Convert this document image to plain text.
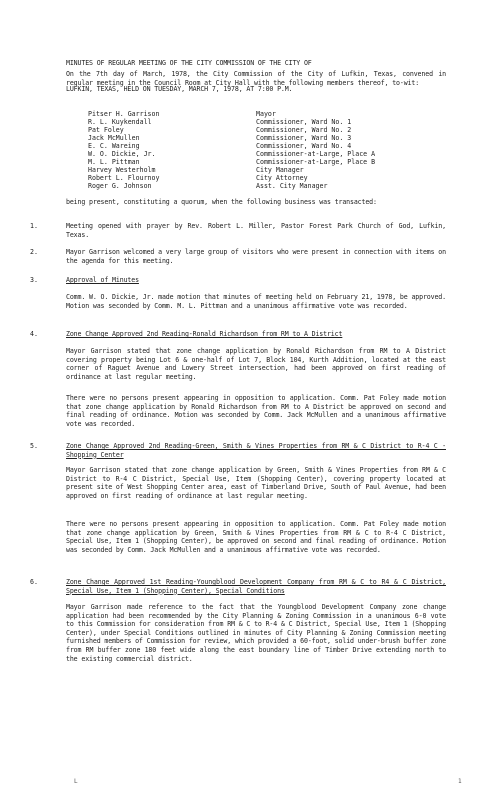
MINUTES OF REGULAR MEETING OF THE CITY COMMISSION OF THE CITY OF

LUFKIN, TEXAS, HELD ON TUESDAY, MARCH 7, 1978, AT 7:00 P.M.

On the 7th day of March, 1978, the City Commission of the City of Lufkin, Texas, convened in regular meeting in the Council Room at City Hall with the following members thereof, to-wit:
Pitser H. Garrison	Mayor
R. L. Kuykendall	Commissioner, Ward No. 1
Pat Foley	Commissioner, Ward No. 2
Jack McMullen	Commissioner, Ward No. 3
E. C. Wareing	Commissioner, Ward No. 4
W. O. Dickie, Jr.	Commissioner-at-Large, Place A
M. L. Pittman	Commissioner-at-Large, Place B
Harvey Westerholm	City Manager
Robert L. Flournoy	City Attorney
Roger G. Johnson	Asst. City Manager
being present, constituting a quorum, when the following business was transacted:
1.	Meeting opened with prayer by Rev. Robert L. Miller, Pastor Forest Park Church of God, Lufkin, Texas.
2.	Mayor Garrison welcomed a very large group of visitors who were present in connection with items on the agenda for this meeting.
3.	Approval of Minutes
Comm. W. O. Dickie, Jr. made motion that minutes of meeting held on February 21, 1978, be approved. Motion was seconded by Comm. M. L. Pittman and a unanimous affirmative vote was recorded.
4.	Zone Change Approved 2nd Reading-Ronald Richardson from RM to A District
Mayor Garrison stated that zone change application by Ronald Richardson from RM to A District covering property being Lot 6 & one-half of Lot 7, Block 104, Kurth Addition, located at the east corner of Raguet Avenue and Lowery Street intersection, had been approved on first reading of ordinance at last regular meeting.
There were no persons present appearing in opposition to application. Comm. Pat Foley made motion that zone change application by Ronald Richardson from RM to A District be approved on second and final reading of ordinance. Motion was seconded by Comm. Jack McMullen and a unanimous affirmative vote was recorded.
5.	Zone Change Approved 2nd Reading-Green, Smith & Vines Properties from RM & C District to R-4 C - Shopping Center
Mayor Garrison stated that zone change application by Green, Smith & Vines Properties from RM & C District to R-4 C District, Special Use, Item (Shopping Center), covering property located at present site of West Shopping Center area, east of Timberland Drive, South of Paul Avenue, had been approved on first reading of ordinance at last regular meeting.
There were no persons present appearing in opposition to application. Comm. Pat Foley made motion that zone change application by Green, Smith & Vines Properties from RM & C to R-4 C District, Special Use, Item 1 (Shopping Center), be approved on second and final reading of ordinance. Motion was seconded by Comm. Jack McMullen and a unanimous affirmative vote was recorded.
6.	Zone Change Approved 1st Reading-Youngblood Development Company from RM & C to R4 & C District, Special Use, Item 1 (Shopping Center), Special Conditions
Mayor Garrison made reference to the fact that the Youngblood Development Company zone change application had been recommended by the City Planning & Zoning Commission in a unanimous 6-0 vote to this Commission for consideration from RM & C to R-4 & C District, Special Use, Item 1 (Shopping Center), under Special Conditions outlined in minutes of City Planning & Zoning Commission meeting furnished members of Commission for review, which provided a 60-foot, solid under-brush buffer zone from RM buffer zone 180 feet wide along the east boundary line of Timber Drive extending north to the existing commercial district.
L	1
